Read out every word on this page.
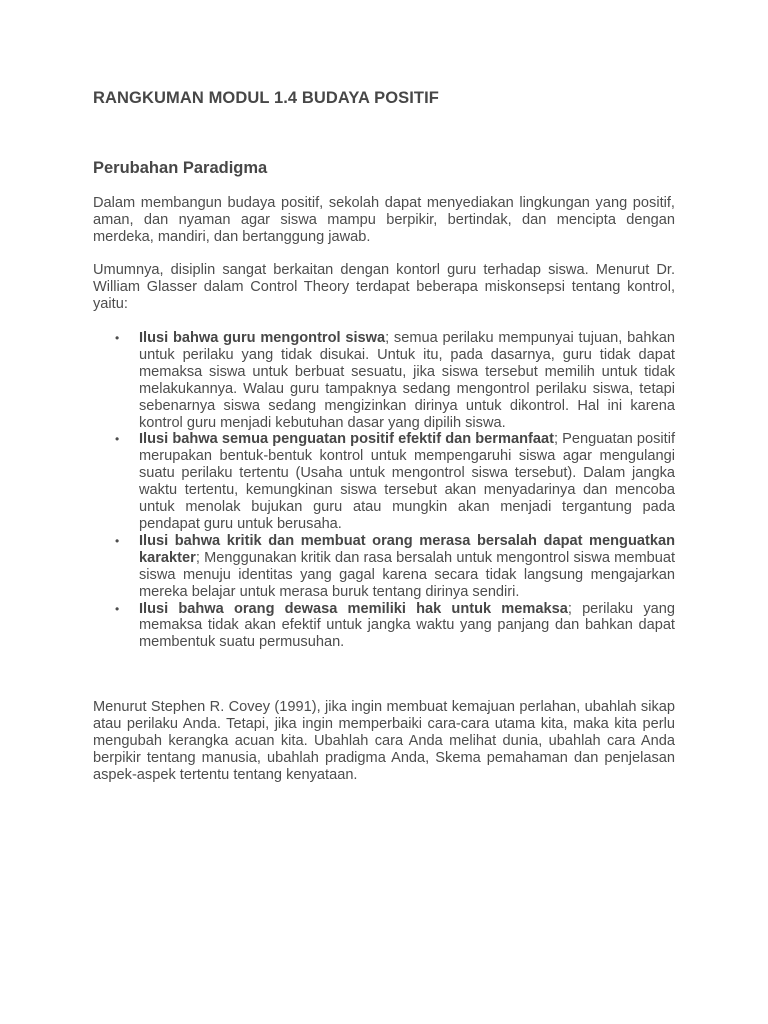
RANGKUMAN MODUL 1.4 BUDAYA POSITIF
Perubahan Paradigma

Dalam membangun budaya positif, sekolah dapat menyediakan lingkungan yang positif, aman, dan nyaman agar siswa mampu berpikir, bertindak, dan mencipta dengan merdeka, mandiri, dan bertanggung jawab.

Umumnya, disiplin sangat berkaitan dengan kontorl guru terhadap siswa. Menurut Dr. William Glasser dalam Control Theory terdapat beberapa miskonsepsi tentang kontrol, yaitu:

• Ilusi bahwa guru mengontrol siswa; semua perilaku mempunyai tujuan, bahkan untuk perilaku yang tidak disukai. Untuk itu, pada dasarnya, guru tidak dapat memaksa siswa untuk berbuat sesuatu, jika siswa tersebut memilih untuk tidak melakukannya. Walau guru tampaknya sedang mengontrol perilaku siswa, tetapi sebenarnya siswa sedang mengizinkan dirinya untuk dikontrol. Hal ini karena kontrol guru menjadi kebutuhan dasar yang dipilih siswa.
• Ilusi bahwa semua penguatan positif efektif dan bermanfaat; Penguatan positif merupakan bentuk-bentuk kontrol untuk mempengaruhi siswa agar mengulangi suatu perilaku tertentu (Usaha untuk mengontrol siswa tersebut). Dalam jangka waktu tertentu, kemungkinan siswa tersebut akan menyadarinya dan mencoba untuk menolak bujukan guru atau mungkin akan menjadi tergantung pada pendapat guru untuk berusaha.
• Ilusi bahwa kritik dan membuat orang merasa bersalah dapat menguatkan karakter; Menggunakan kritik dan rasa bersalah untuk mengontrol siswa membuat siswa menuju identitas yang gagal karena secara tidak langsung mengajarkan mereka belajar untuk merasa buruk tentang dirinya sendiri.
• Ilusi bahwa orang dewasa memiliki hak untuk memaksa; perilaku yang memaksa tidak akan efektif untuk jangka waktu yang panjang dan bahkan dapat membentuk suatu permusuhan.

Menurut Stephen R. Covey (1991), jika ingin membuat kemajuan perlahan, ubahlah sikap atau perilaku Anda. Tetapi, jika ingin memperbaiki cara-cara utama kita, maka kita perlu mengubah kerangka acuan kita. Ubahlah cara Anda melihat dunia, ubahlah cara Anda berpikir tentang manusia, ubahlah pradigma Anda, Skema pemahaman dan penjelasan aspek-aspek tertentu tentang kenyataan.
